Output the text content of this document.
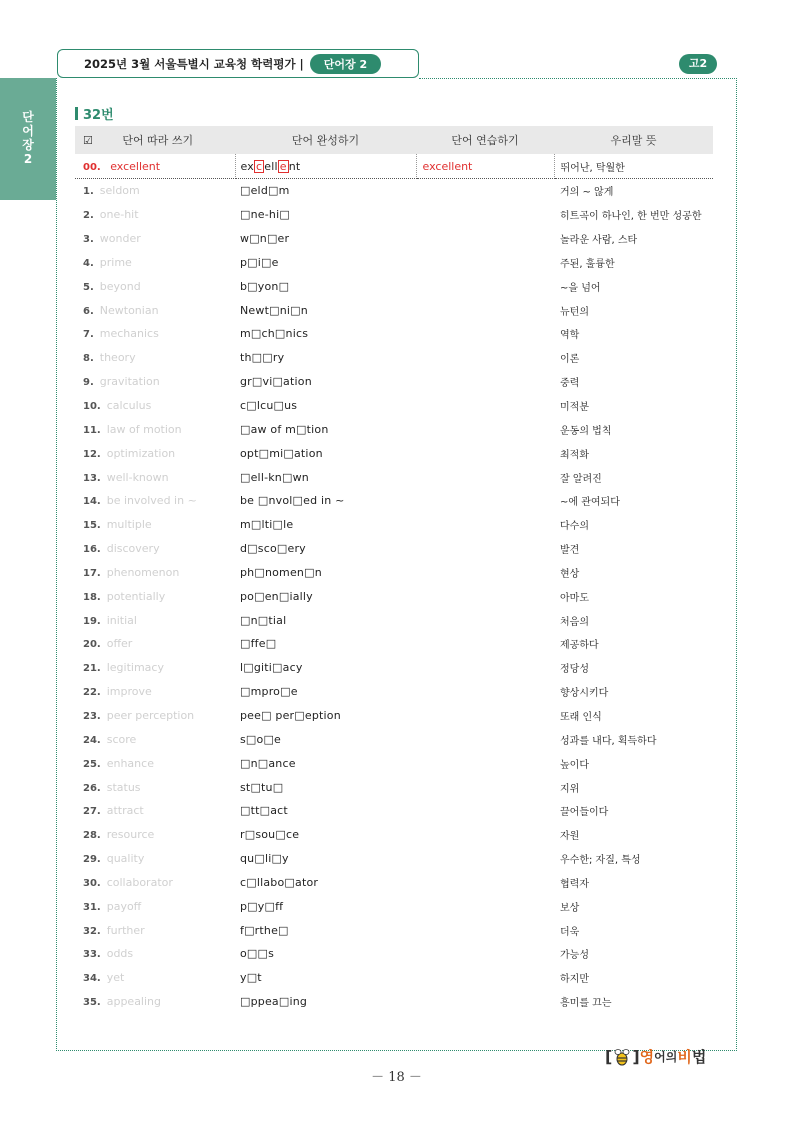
2025년 3월 서울특별시 교육청 학력평가 |	단어장 2	고2
단
어
장
2
32번
☑ 단어 따라 쓰기	단어 완성하기	단어 연습하기	우리말 뜻
00. excellent	ex c ell e nt	excellent	뛰어난, 탁월한
1. seldom	□eld□m		거의 ~ 않게
2. one-hit	□ne-hi□		히트곡이 하나인, 한 번만 성공한
3. wonder	w□n□er		놀라운 사람, 스타
4. prime	p□i□e		주된, 훌륭한
5. beyond	b□yon□		~을 넘어
6. Newtonian	Newt□ni□n		뉴턴의
7. mechanics	m□ch□nics		역학
8. theory	th□□ry		이론
9. gravitation	gr□vi□ation		중력
10. calculus	c□lcu□us		미적분
11. law of motion	□aw of m□tion		운동의 법칙
12. optimization	opt□mi□ation		최적화
13. well-known	□ell-kn□wn		잘 알려진
14. be involved in ~	be □nvol□ed in ~		~에 관여되다
15. multiple	m□lti□le		다수의
16. discovery	d□sco□ery		발견
17. phenomenon	ph□nomen□n		현상
18. potentially	po□en□ially		아마도
19. initial	□n□tial		처음의
20. offer	□ffe□		제공하다
21. legitimacy	l□giti□acy		정당성
22. improve	□mpro□e		향상시키다
23. peer perception	pee□ per□eption		또래 인식
24. score	s□o□e		성과를 내다, 획득하다
25. enhance	□n□ance		높이다
26. status	st□tu□		지위
27. attract	□tt□act		끌어들이다
28. resource	r□sou□ce		자원
29. quality	qu□li□y		우수한; 자질, 특성
30. collaborator	c□llabo□ator		협력자
31. payoff	p□y□ff		보상
32. further	f□rthe□		더욱
33. odds	o□□s		가능성
34. yet	y□t		하지만
35. appealing	□ppea□ing		흥미를 끄는
－ 18 －
[ ] 영 어의 비 법
